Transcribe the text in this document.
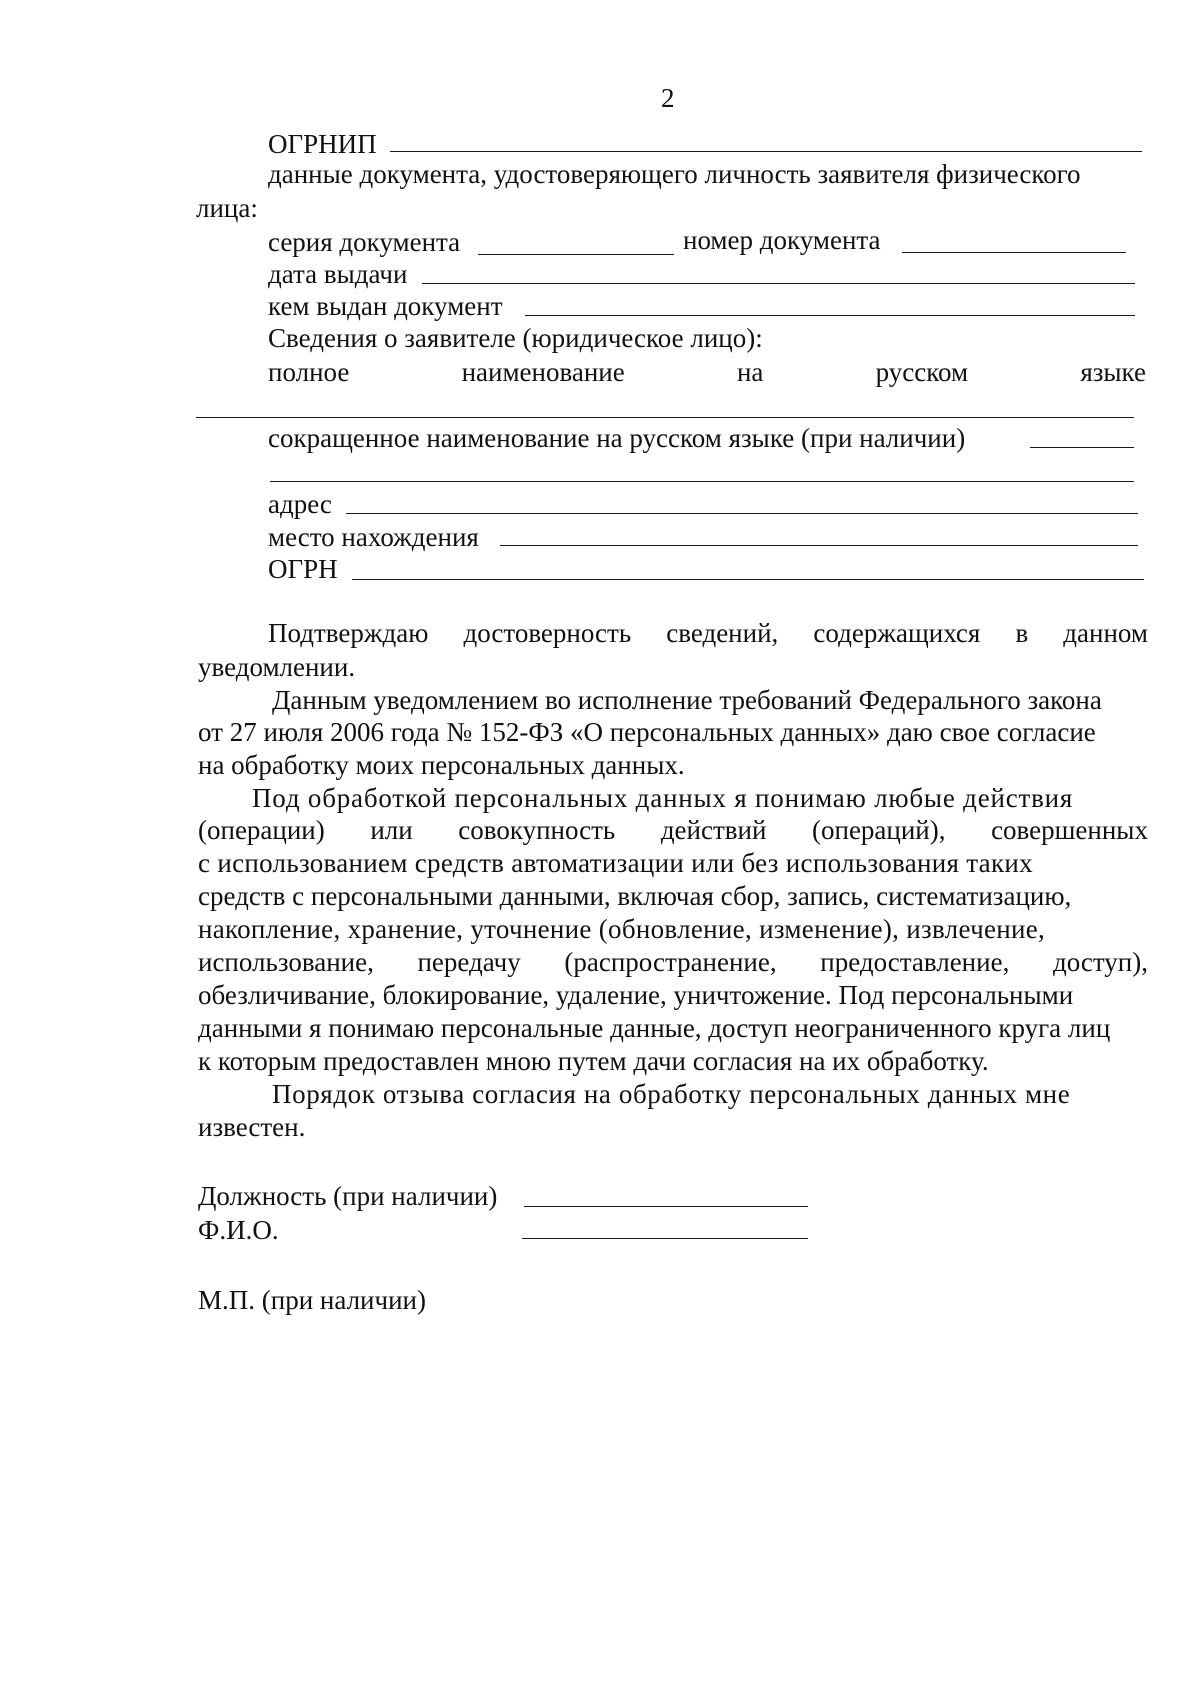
2
ОГРНИП
данные документа, удостоверяющего личность заявителя физического
лица:
серия документа	номер документа
дата выдачи
кем выдан документ
Сведения о заявителе (юридическое лицо):
полное	наименование	на	русском	языке
сокращенное наименование на русском языке (при наличии)
адрес
место нахождения
ОГРН
Подтверждаю достоверность сведений, содержащихся в данном
уведомлении.
Данным уведомлением во исполнение требований Федерального закона
от 27 июля 2006 года № 152-ФЗ «О персональных данных» даю свое согласие
на обработку моих персональных данных.
Под обработкой персональных данных я понимаю любые действия
(операции) или совокупность действий (операций), совершенных
с использованием средств автоматизации или без использования таких
средств с персональными данными, включая сбор, запись, систематизацию,
накопление, хранение, уточнение (обновление, изменение), извлечение,
использование, передачу (распространение, предоставление, доступ),
обезличивание, блокирование, удаление, уничтожение. Под персональными
данными я понимаю персональные данные, доступ неограниченного круга лиц
к которым предоставлен мною путем дачи согласия на их обработку.
Порядок отзыва согласия на обработку персональных данных мне
известен.
Должность (при наличии)
Ф.И.О.
М.П. (при наличии)
